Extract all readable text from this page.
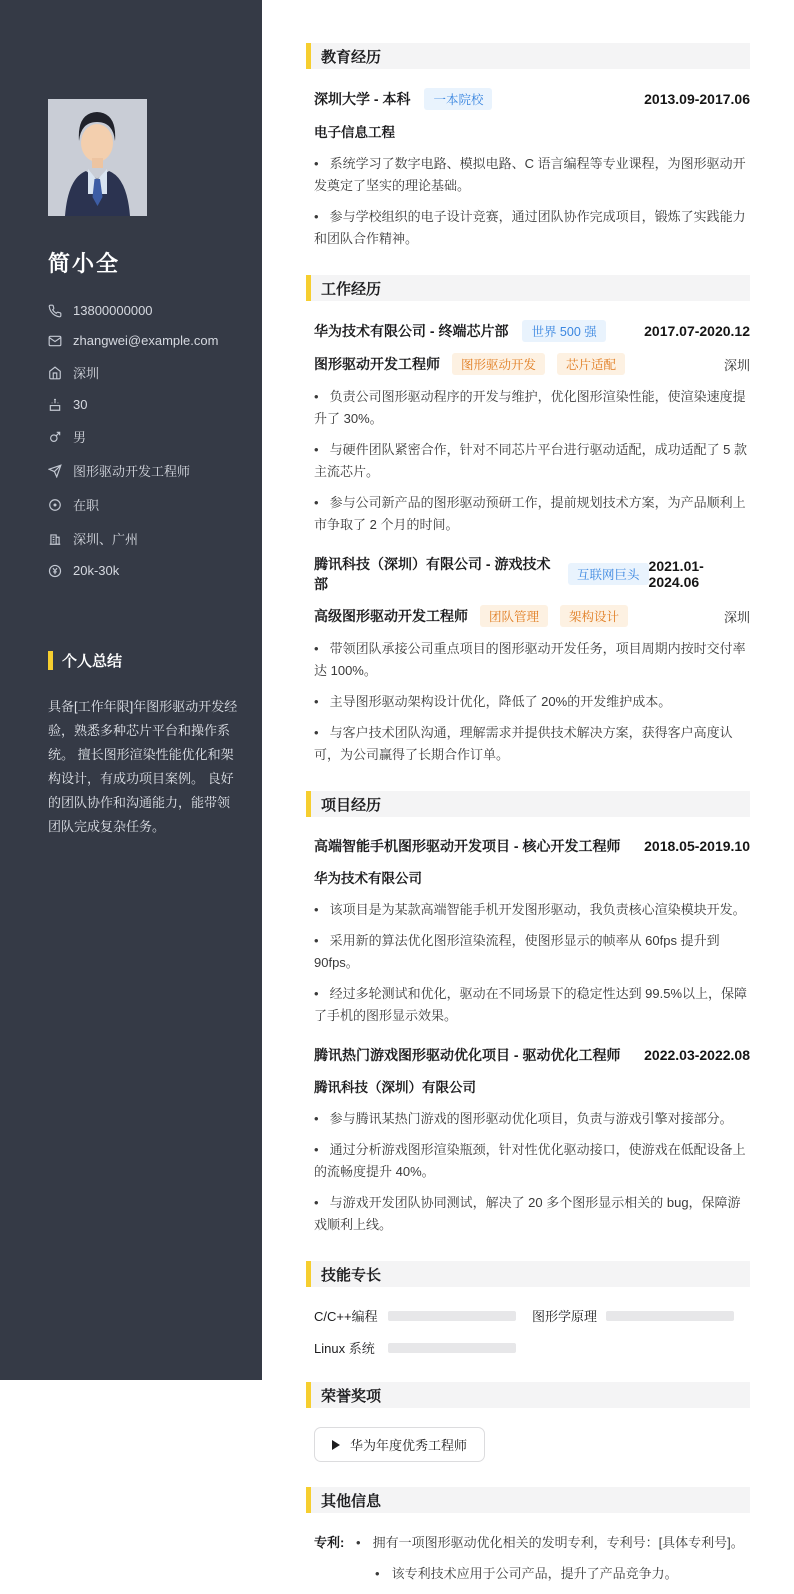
简小全
13800000000
zhangwei@example.com
深圳
30
男
图形驱动开发工程师
在职
深圳、广州
20k-30k
个人总结

具备[工作年限]年图形驱动开发经验，熟悉多种芯片平台和操作系统。 擅长图形渲染性能优化和架构设计，有成功项目案例。 良好的团队协作和沟通能力，能带领团队完成复杂任务。

教育经历
深圳大学 - 本科	一本院校	2013.09-2017.06
电子信息工程

• 系统学习了数字电路、模拟电路、C 语言编程等专业课程，为图形驱动开发奠定了坚实的理论基础。

• 参与学校组织的电子设计竞赛，通过团队协作完成项目，锻炼了实践能力和团队合作精神。

工作经历
华为技术有限公司 - 终端芯片部	世界 500 强	2017.07-2020.12
图形驱动开发工程师	图形驱动开发	芯片适配	深圳

• 负责公司图形驱动程序的开发与维护，优化图形渲染性能，使渲染速度提升了 30%。

• 与硬件团队紧密合作，针对不同芯片平台进行驱动适配，成功适配了 5 款主流芯片。

• 参与公司新产品的图形驱动预研工作，提前规划技术方案，为产品顺利上市争取了 2 个月的时间。

腾讯科技（深圳）有限公司 - 游戏技术部
互联网巨头
2021.01-2024.06
高级图形驱动开发工程师	团队管理	架构设计	深圳

• 带领团队承接公司重点项目的图形驱动开发任务，项目周期内按时交付率达 100%。

• 主导图形驱动架构设计优化，降低了 20%的开发维护成本。

• 与客户技术团队沟通，理解需求并提供技术解决方案，获得客户高度认可，为公司赢得了长期合作订单。

项目经历
高端智能手机图形驱动开发项目 - 核心开发工程师 2018.05-2019.10
华为技术有限公司

• 该项目是为某款高端智能手机开发图形驱动，我负责核心渲染模块开发。

• 采用新的算法优化图形渲染流程，使图形显示的帧率从 60fps 提升到 90fps。

• 经过多轮测试和优化，驱动在不同场景下的稳定性达到 99.5%以上，保障了手机的图形显示效果。

腾讯热门游戏图形驱动优化项目 - 驱动优化工程师 2022.03-2022.08
腾讯科技（深圳）有限公司

• 参与腾讯某热门游戏的图形驱动优化项目，负责与游戏引擎对接部分。

• 通过分析游戏图形渲染瓶颈，针对性优化驱动接口，使游戏在低配设备上的流畅度提升 40%。

• 与游戏开发团队协同测试，解决了 20 多个图形显示相关的 bug，保障游戏顺利上线。

技能专长
C/C++编程	图形学原理
Linux 系统
荣誉奖项
华为年度优秀工程师
其他信息
专利:	• 拥有一项图形驱动优化相关的发明专利，专利号：[具体专利号]。

• 该专利技术应用于公司产品，提升了产品竞争力。
